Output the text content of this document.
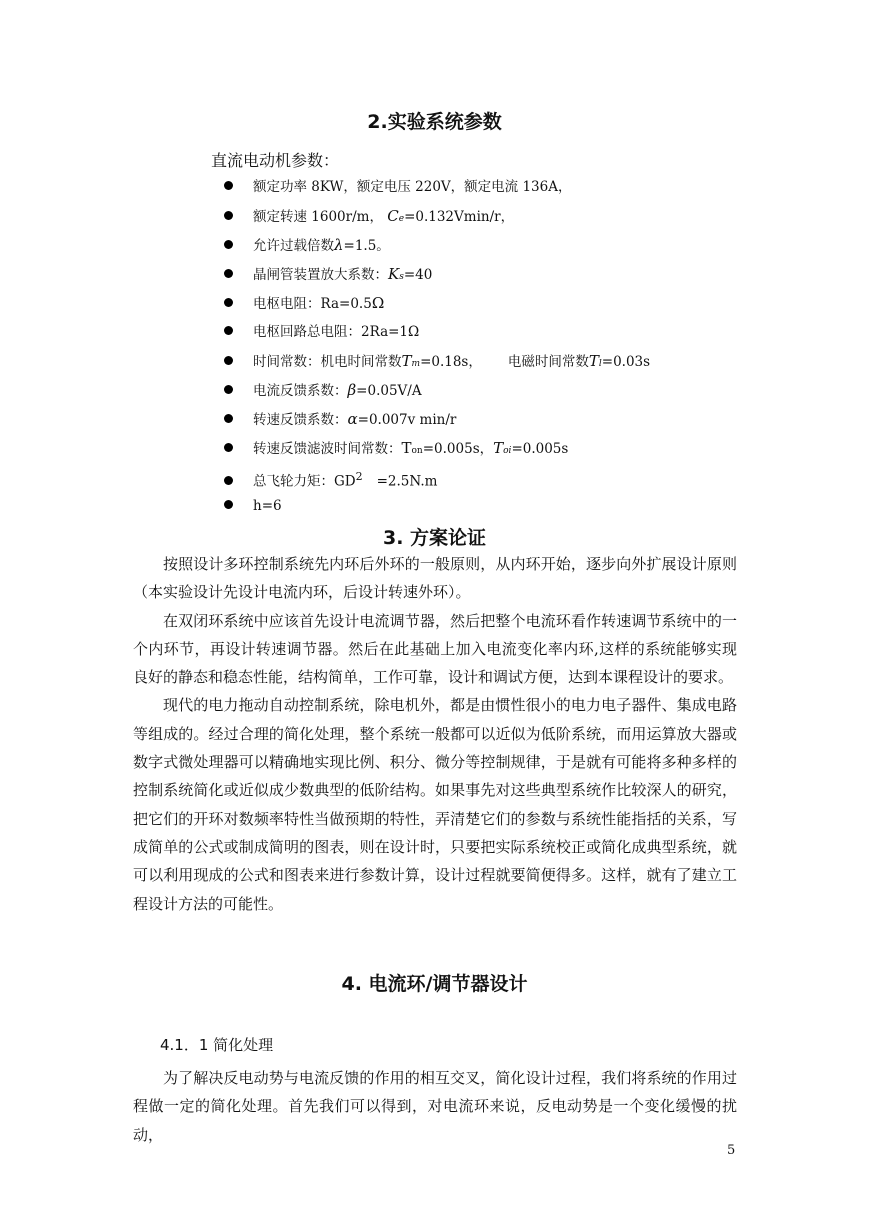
2.实验系统参数
直流电动机参数：
额定功率 8KW，额定电压 220V，额定电流 136A，
额定转速 1600r/m， Ce=0.132Vmin/r，
允许过载倍数λ=1.5。
晶闸管装置放大系数：Ks=40
电枢电阻：Ra=0.5Ω
电枢回路总电阻：2Ra=1Ω
时间常数：机电时间常数Tm=0.18s， 电磁时间常数Tl=0.03s
电流反馈系数：β=0.05V/A
转速反馈系数：α=0.007v min/r
转速反馈滤波时间常数：Ton=0.005s，Toi=0.005s
总飞轮力矩：$GD^2 =2.5N.m$
h=6
3. 方案论证

按照设计多环控制系统先内环后外环的一般原则，从内环开始，逐步向外扩展设计原则（本实验设计先设计电流内环，后设计转速外环）。

在双闭环系统中应该首先设计电流调节器，然后把整个电流环看作转速调节系统中的一个内环节，再设计转速调节器。然后在此基础上加入电流变化率内环,这样的系统能够实现良好的静态和稳态性能，结构简单，工作可靠，设计和调试方便，达到本课程设计的要求。

现代的电力拖动自动控制系统，除电机外，都是由惯性很小的电力电子器件、集成电路等组成的。经过合理的简化处理，整个系统一般都可以近似为低阶系统，而用运算放大器或数字式微处理器可以精确地实现比例、积分、微分等控制规律，于是就有可能将多种多样的控制系统简化或近似成少数典型的低阶结构。如果事先对这些典型系统作比较深人的研究，把它们的开环对数频率特性当做预期的特性，弄清楚它们的参数与系统性能指括的关系，写成简单的公式或制成简明的图表，则在设计时，只要把实际系统校正或简化成典型系统，就可以利用现成的公式和图表来进行参数计算，设计过程就要简便得多。这样，就有了建立工程设计方法的可能性。

4. 电流环/调节器设计
4.1．1 简化处理

为了解决反电动势与电流反馈的作用的相互交叉，简化设计过程，我们将系统的作用过程做一定的简化处理。首先我们可以得到，对电流环来说，反电动势是一个变化缓慢的扰动，

5
